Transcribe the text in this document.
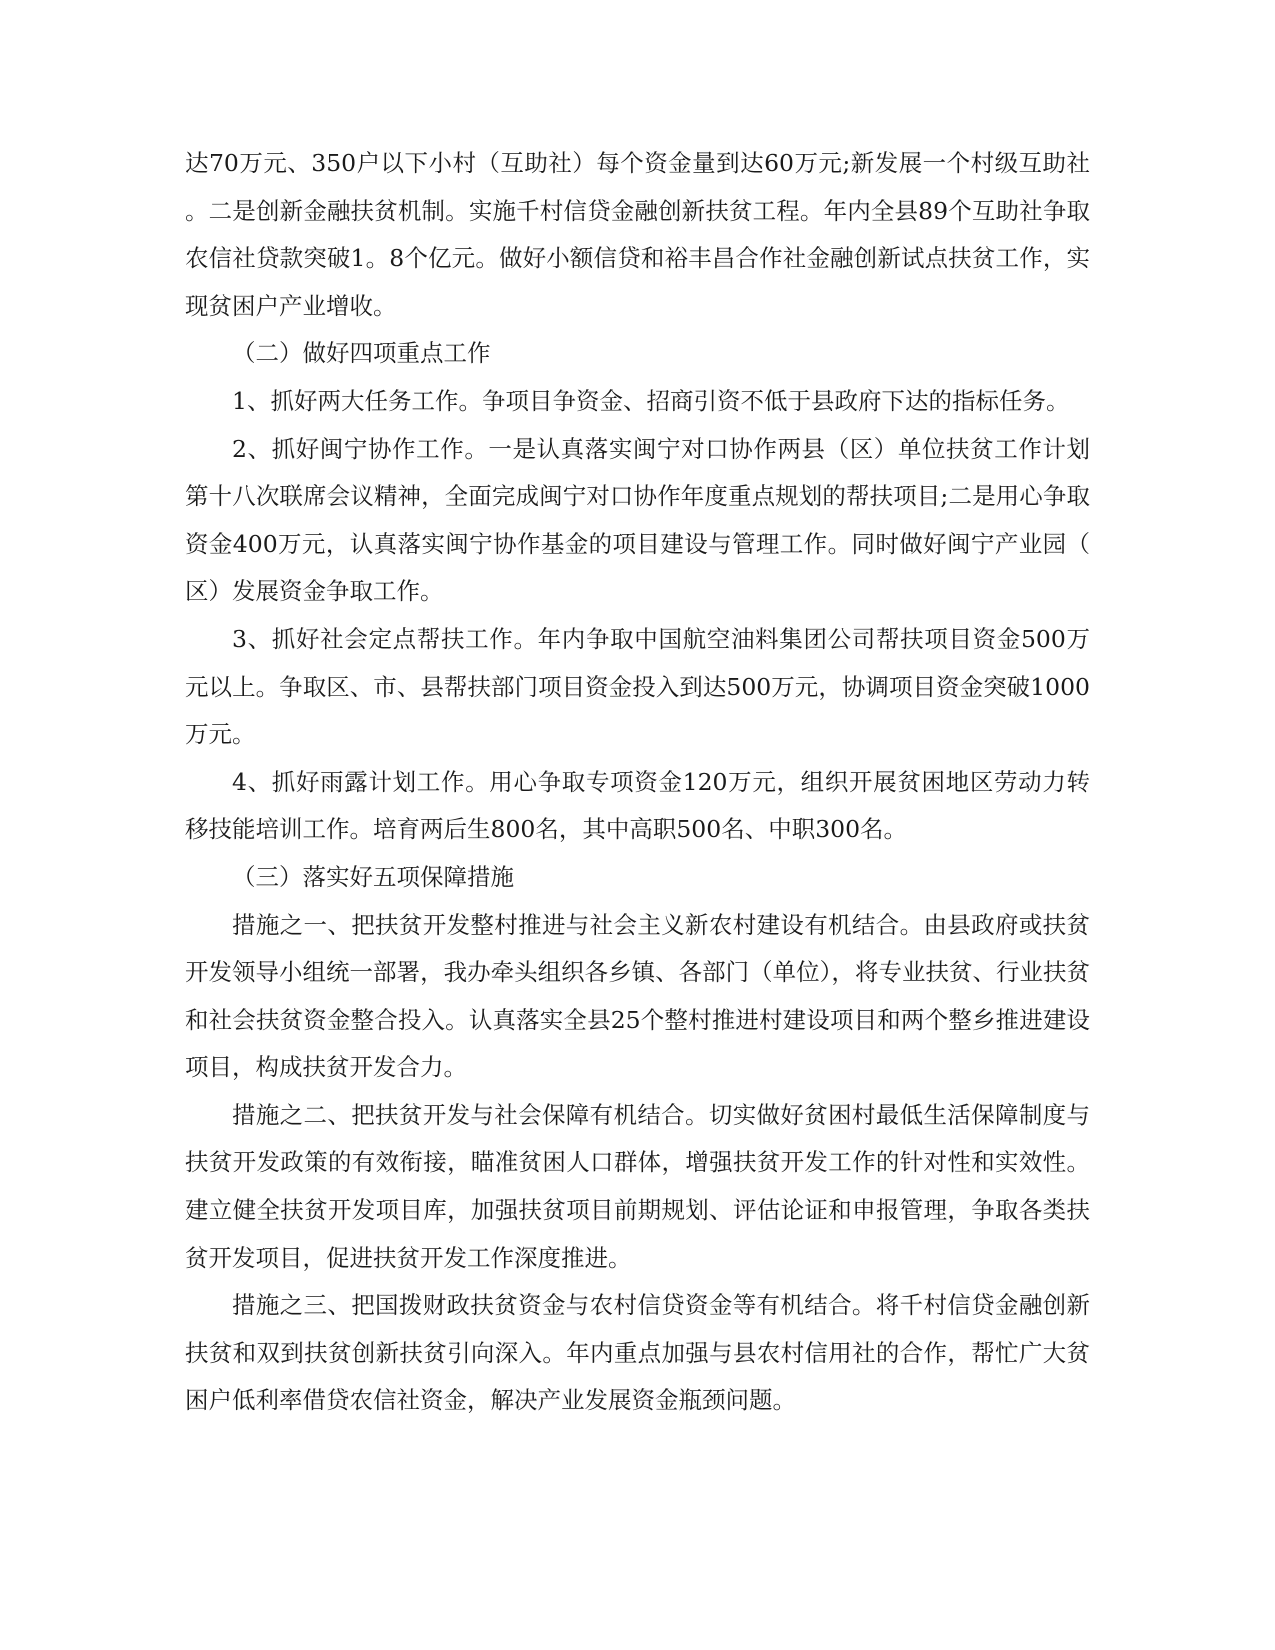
达70万元、350户以下小村（互助社）每个资金量到达60万元;新发展一个村级互助社。二是创新金融扶贫机制。实施千村信贷金融创新扶贫工程。年内全县89个互助社争取农信社贷款突破1。8个亿元。做好小额信贷和裕丰昌合作社金融创新试点扶贫工作，实现贫困户产业增收。

（二）做好四项重点工作

1、抓好两大任务工作。争项目争资金、招商引资不低于县政府下达的指标任务。

2、抓好闽宁协作工作。一是认真落实闽宁对口协作两县（区）单位扶贫工作计划第十八次联席会议精神，全面完成闽宁对口协作年度重点规划的帮扶项目;二是用心争取资金400万元，认真落实闽宁协作基金的项目建设与管理工作。同时做好闽宁产业园（区）发展资金争取工作。

3、抓好社会定点帮扶工作。年内争取中国航空油料集团公司帮扶项目资金500万元以上。争取区、市、县帮扶部门项目资金投入到达500万元，协调项目资金突破1000万元。

4、抓好雨露计划工作。用心争取专项资金120万元，组织开展贫困地区劳动力转移技能培训工作。培育两后生800名，其中高职500名、中职300名。

（三）落实好五项保障措施

措施之一、把扶贫开发整村推进与社会主义新农村建设有机结合。由县政府或扶贫开发领导小组统一部署，我办牵头组织各乡镇、各部门（单位），将专业扶贫、行业扶贫和社会扶贫资金整合投入。认真落实全县25个整村推进村建设项目和两个整乡推进建设项目，构成扶贫开发合力。

措施之二、把扶贫开发与社会保障有机结合。切实做好贫困村最低生活保障制度与扶贫开发政策的有效衔接，瞄准贫困人口群体，增强扶贫开发工作的针对性和实效性。建立健全扶贫开发项目库，加强扶贫项目前期规划、评估论证和申报管理，争取各类扶贫开发项目，促进扶贫开发工作深度推进。

措施之三、把国拨财政扶贫资金与农村信贷资金等有机结合。将千村信贷金融创新扶贫和双到扶贫创新扶贫引向深入。年内重点加强与县农村信用社的合作，帮忙广大贫困户低利率借贷农信社资金，解决产业发展资金瓶颈问题。
